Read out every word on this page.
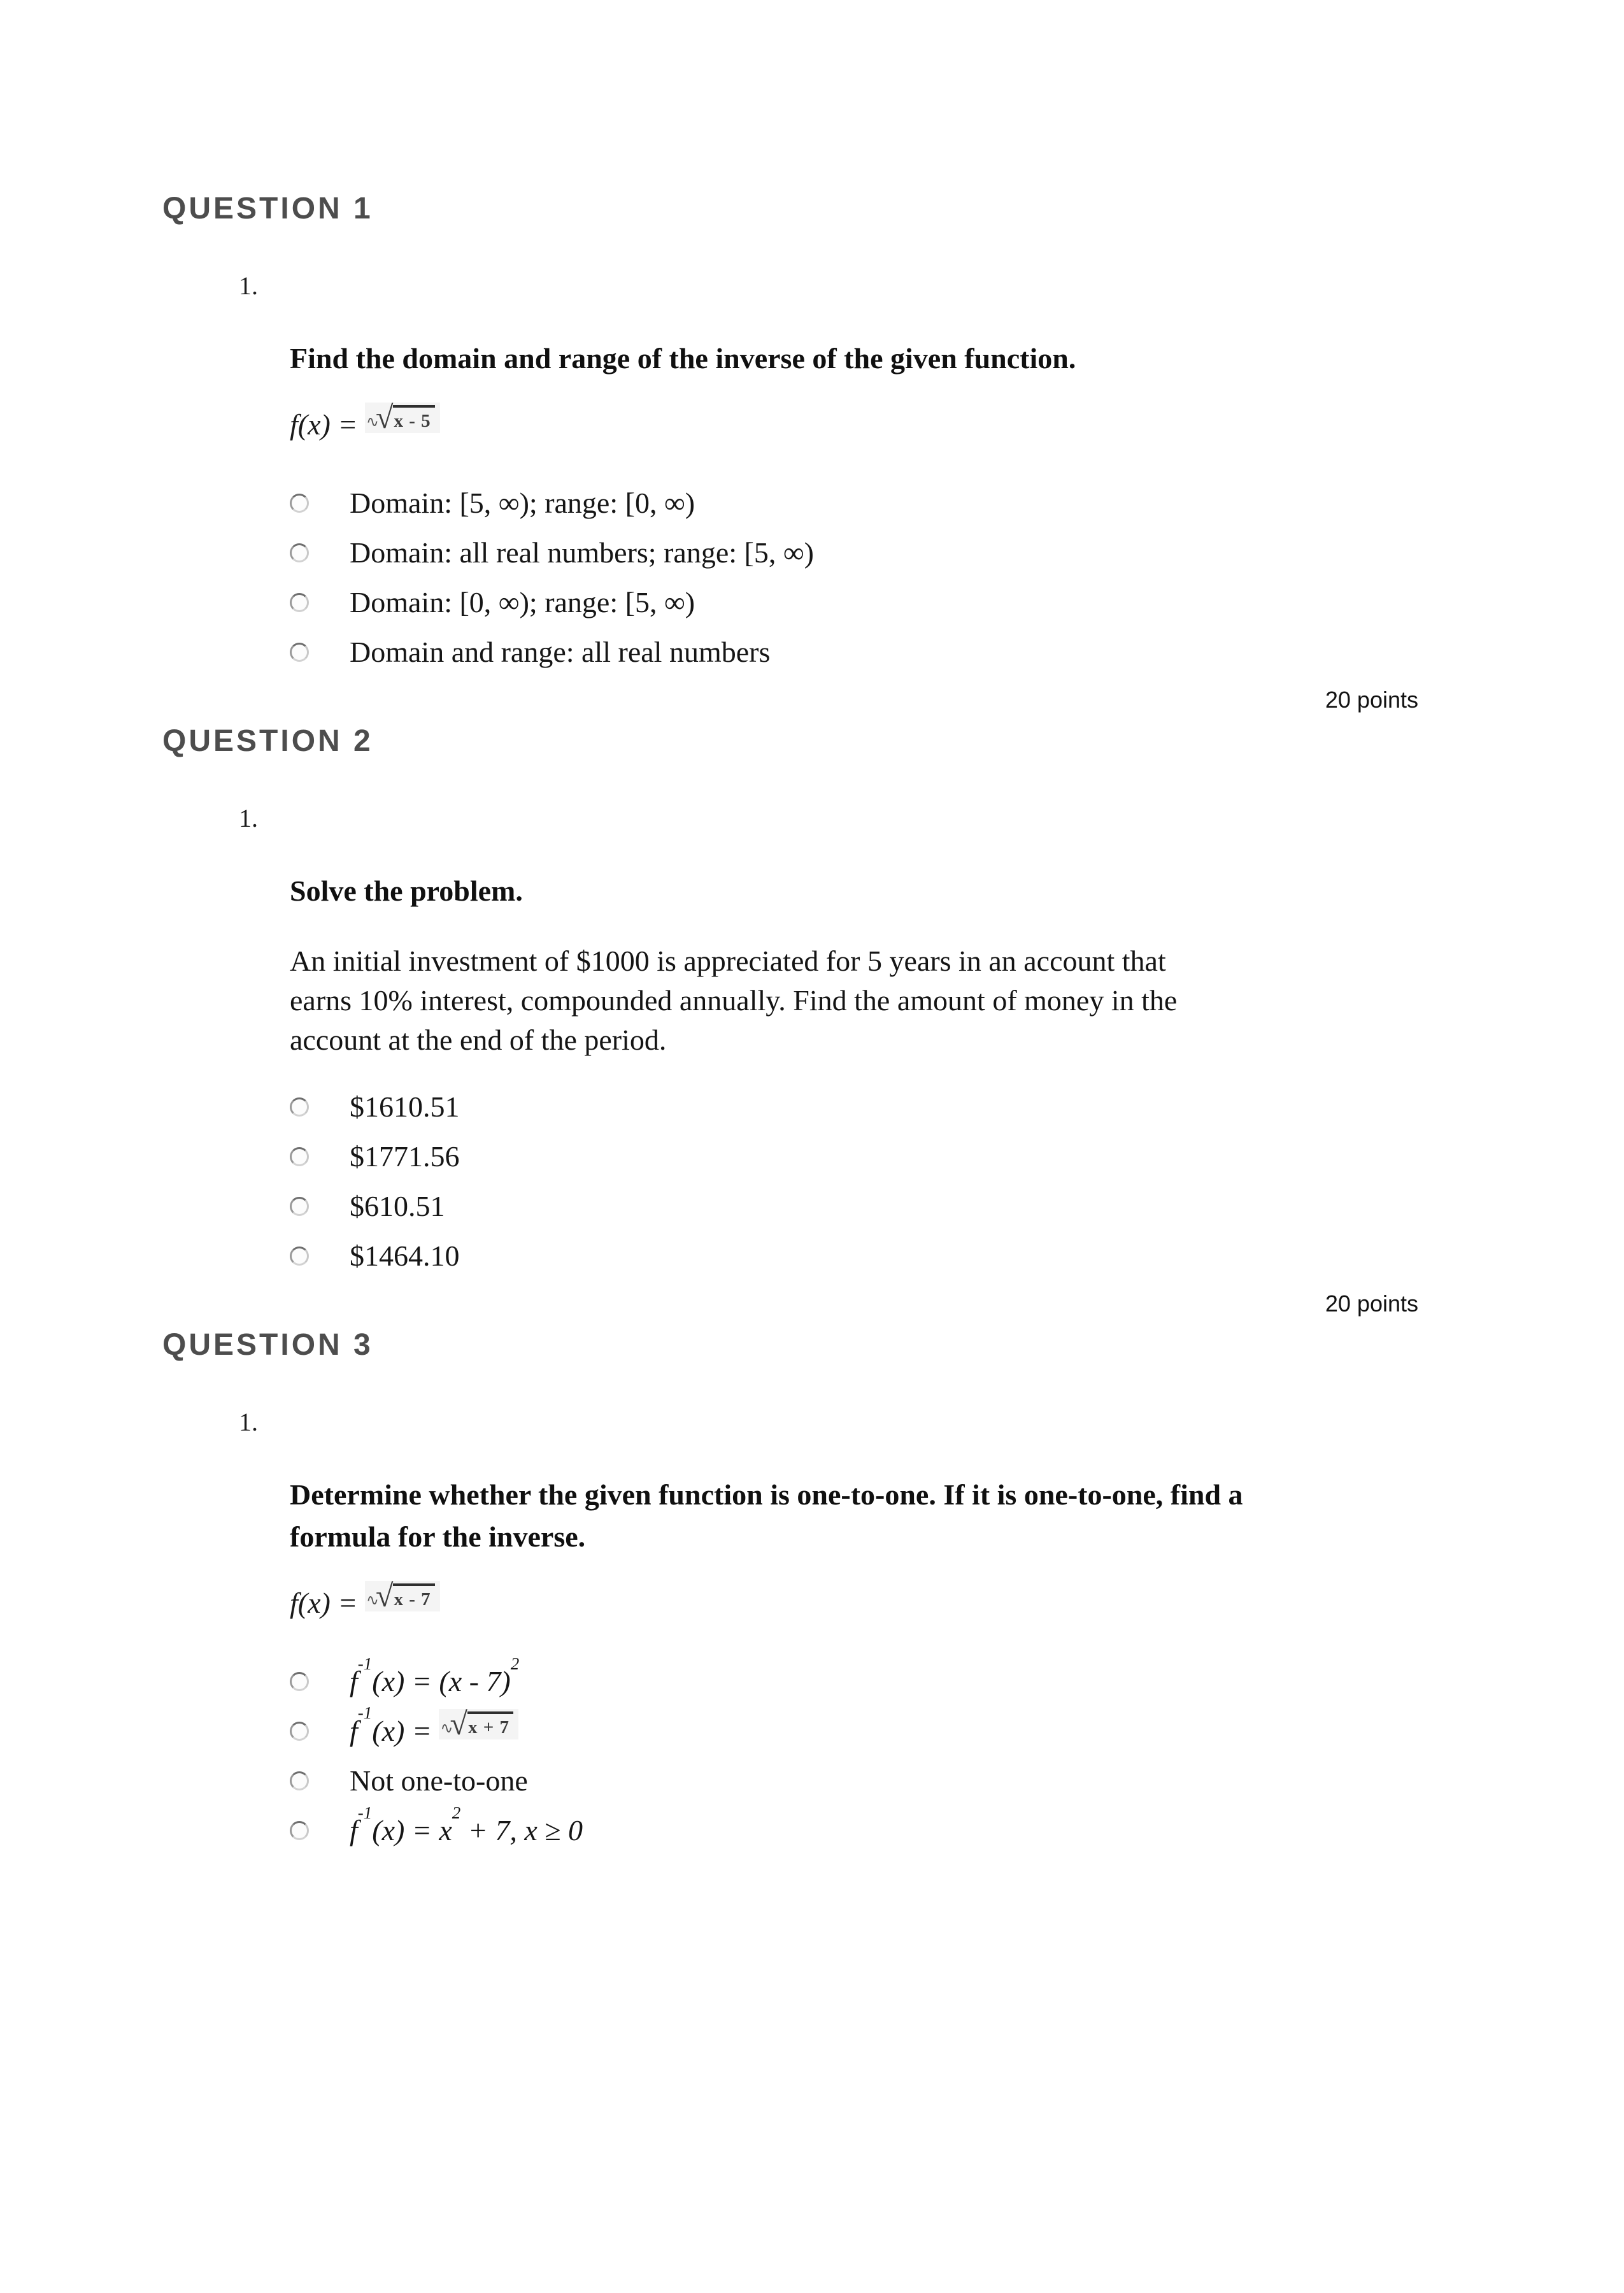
QUESTION 1
1.
Find the domain and range of the inverse of the given function.
f(x) = ∿
√ x - 5
Domain: [5, ∞); range: [0, ∞)
Domain: all real numbers; range: [5, ∞)
Domain: [0, ∞); range: [5, ∞)
Domain and range: all real numbers
20 points
QUESTION 2
1.
Solve the problem.
An initial investment of $1000 is appreciated for 5 years in an account that
earns 10% interest, compounded annually. Find the amount of money in the
account at the end of the period.
$1610.51
$1771.56
$610.51
$1464.10
20 points
QUESTION 3
1.
Determine whether the given function is one-to-one. If it is one-to-one, find a
formula for the inverse.
f(x) = ∿
√ x - 7
$f^{-1}(x) = (x - 7)^2$
$f^{-1}(x)$ = ∿
√ x + 7
Not one-to-one
$f^{-1}(x) = x^2 + 7$, x ≥ 0
